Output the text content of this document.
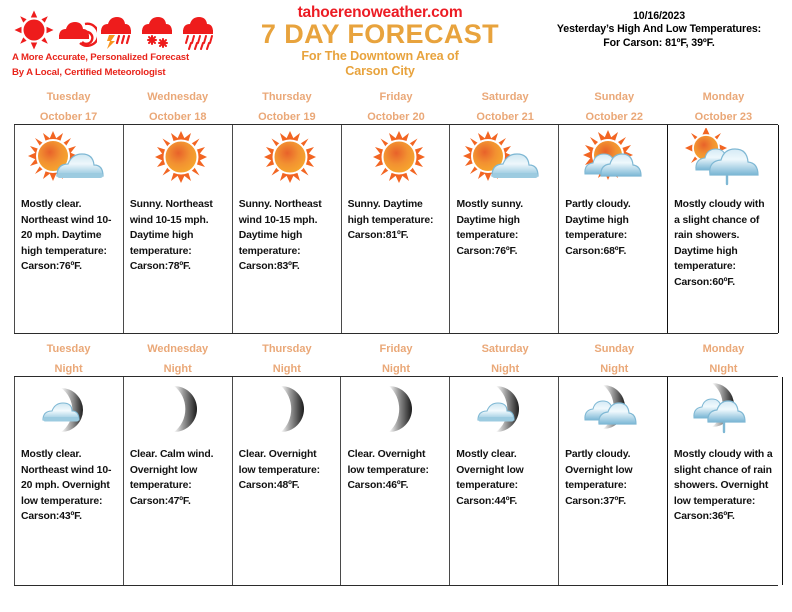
A More Accurate, Personalized Forecast
By A Local, Certified Meteorologist
tahoerenoweather.com
7 DAY FORECAST
For The Downtown Area of
Carson City
10/16/2023
Yesterday’s High And Low Temperatures:
For Carson: 81ºF, 39ºF.
Tuesday
October 17
Wednesday
October 18
Thursday
October 19
Friday
October 20
Saturday
October 21
Sunday
October 22
Monday
October 23
Mostly clear. Northeast wind 10-20 mph. Daytime high temperature: Carson:76ºF.
Sunny. Northeast wind 10-15 mph. Daytime high temperature: Carson:78ºF.
Sunny. Northeast wind 10-15 mph. Daytime high temperature: Carson:83ºF.
Sunny. Daytime high temperature: Carson:81ºF.
Mostly sunny. Daytime high temperature: Carson:76ºF.
Partly cloudy. Daytime high temperature: Carson:68ºF.
Mostly cloudy with a slight chance of rain showers. Daytime high temperature: Carson:60ºF.
Tuesday
Night
Wednesday
Night
Thursday
Night
Friday
Night
Saturday
Night
Sunday
Night
Monday
NIght
Mostly clear. Northeast wind 10-20 mph. Overnight low temperature: Carson:43ºF.
Clear. Calm wind. Overnight low temperature: Carson:47ºF.
Clear. Overnight low temperature: Carson:48ºF.
Clear. Overnight low temperature: Carson:46ºF.
Mostly clear. Overnight low temperature: Carson:44ºF.
Partly cloudy. Overnight low temperature: Carson:37ºF.
Mostly cloudy with a slight chance of rain showers. Overnight low temperature: Carson:36ºF.
